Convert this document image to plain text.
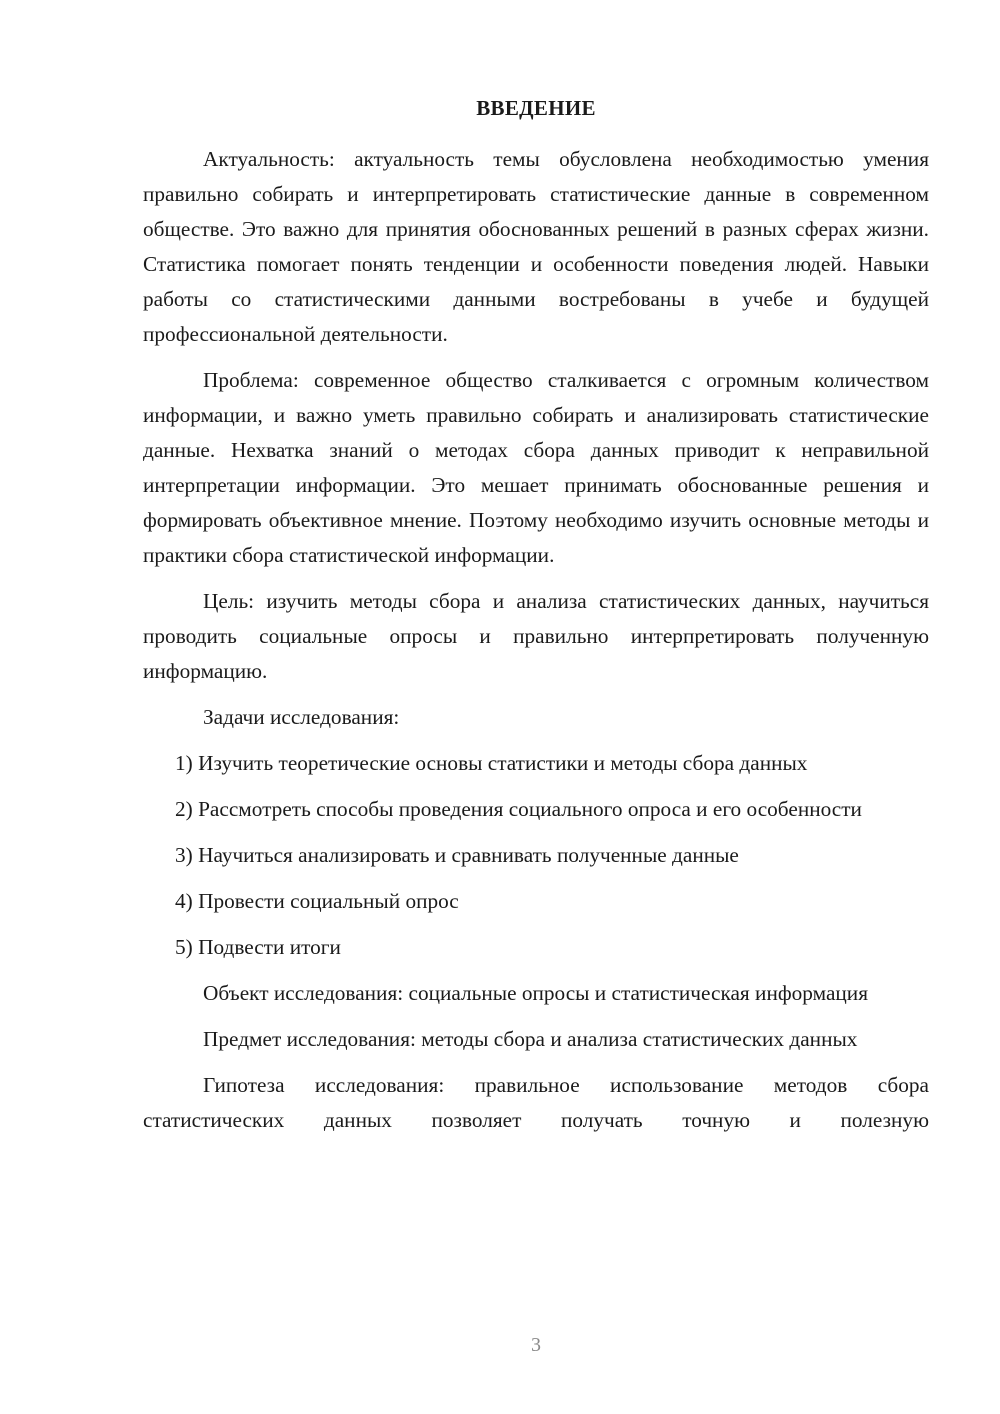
ВВЕДЕНИЕ

Актуальность: актуальность темы обусловлена необходимостью умения правильно собирать и интерпретировать статистические данные в современном обществе. Это важно для принятия обоснованных решений в разных сферах жизни. Статистика помогает понять тенденции и особенности поведения людей. Навыки работы со статистическими данными востребованы в учебе и будущей профессиональной деятельности.

Проблема: современное общество сталкивается с огромным количеством информации, и важно уметь правильно собирать и анализировать статистические данные. Нехватка знаний о методах сбора данных приводит к неправильной интерпретации информации. Это мешает принимать обоснованные решения и формировать объективное мнение. Поэтому необходимо изучить основные методы и практики сбора статистической информации.

Цель: изучить методы сбора и анализа статистических данных, научиться проводить социальные опросы и правильно интерпретировать полученную информацию.

Задачи исследования:

1) Изучить теоретические основы статистики и методы сбора данных

2) Рассмотреть способы проведения социального опроса и его особенности

3) Научиться анализировать и сравнивать полученные данные

4) Провести социальный опрос

5) Подвести итоги

Объект исследования: социальные опросы и статистическая информация

Предмет исследования: методы сбора и анализа статистических данных

Гипотеза исследования: правильное использование методов сбора статистических данных позволяет получать точную и полезную

3
